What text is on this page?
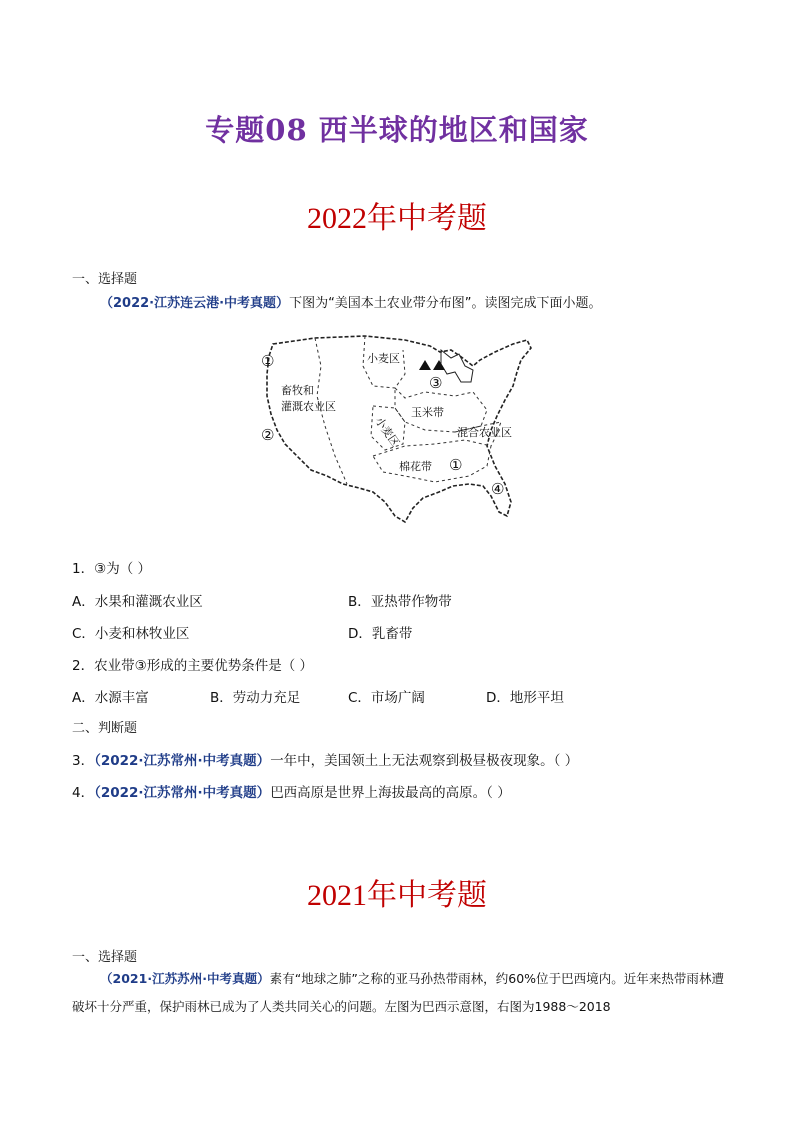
专题08 西半球的地区和国家
2022年中考题
一、选择题
（2022·江苏连云港·中考真题）下图为“美国本土农业带分布图”。读图完成下面小题。
①
②
③
④
①
畜牧和
灌溉农业区
小麦区
小麦区
玉米带
混合农业区
棉花带
1．③为（ ）
A．水果和灌溉农业区	B．亚热带作物带
C．小麦和林牧业区	D．乳畜带
2．农业带③形成的主要优势条件是（ ）
A．水源丰富	B．劳动力充足	C．市场广阔	D．地形平坦
二、判断题
3．（2022·江苏常州·中考真题）一年中，美国领土上无法观察到极昼极夜现象。（ ）
4．（2022·江苏常州·中考真题）巴西高原是世界上海拔最高的高原。（ ）
2021年中考题
一、选择题
（2021·江苏苏州·中考真题）素有“地球之肺”之称的亚马孙热带雨林，约60%位于巴西境内。近年来热带雨林遭破坏十分严重，保护雨林已成为了人类共同关心的问题。左图为巴西示意图，右图为1988～2018
